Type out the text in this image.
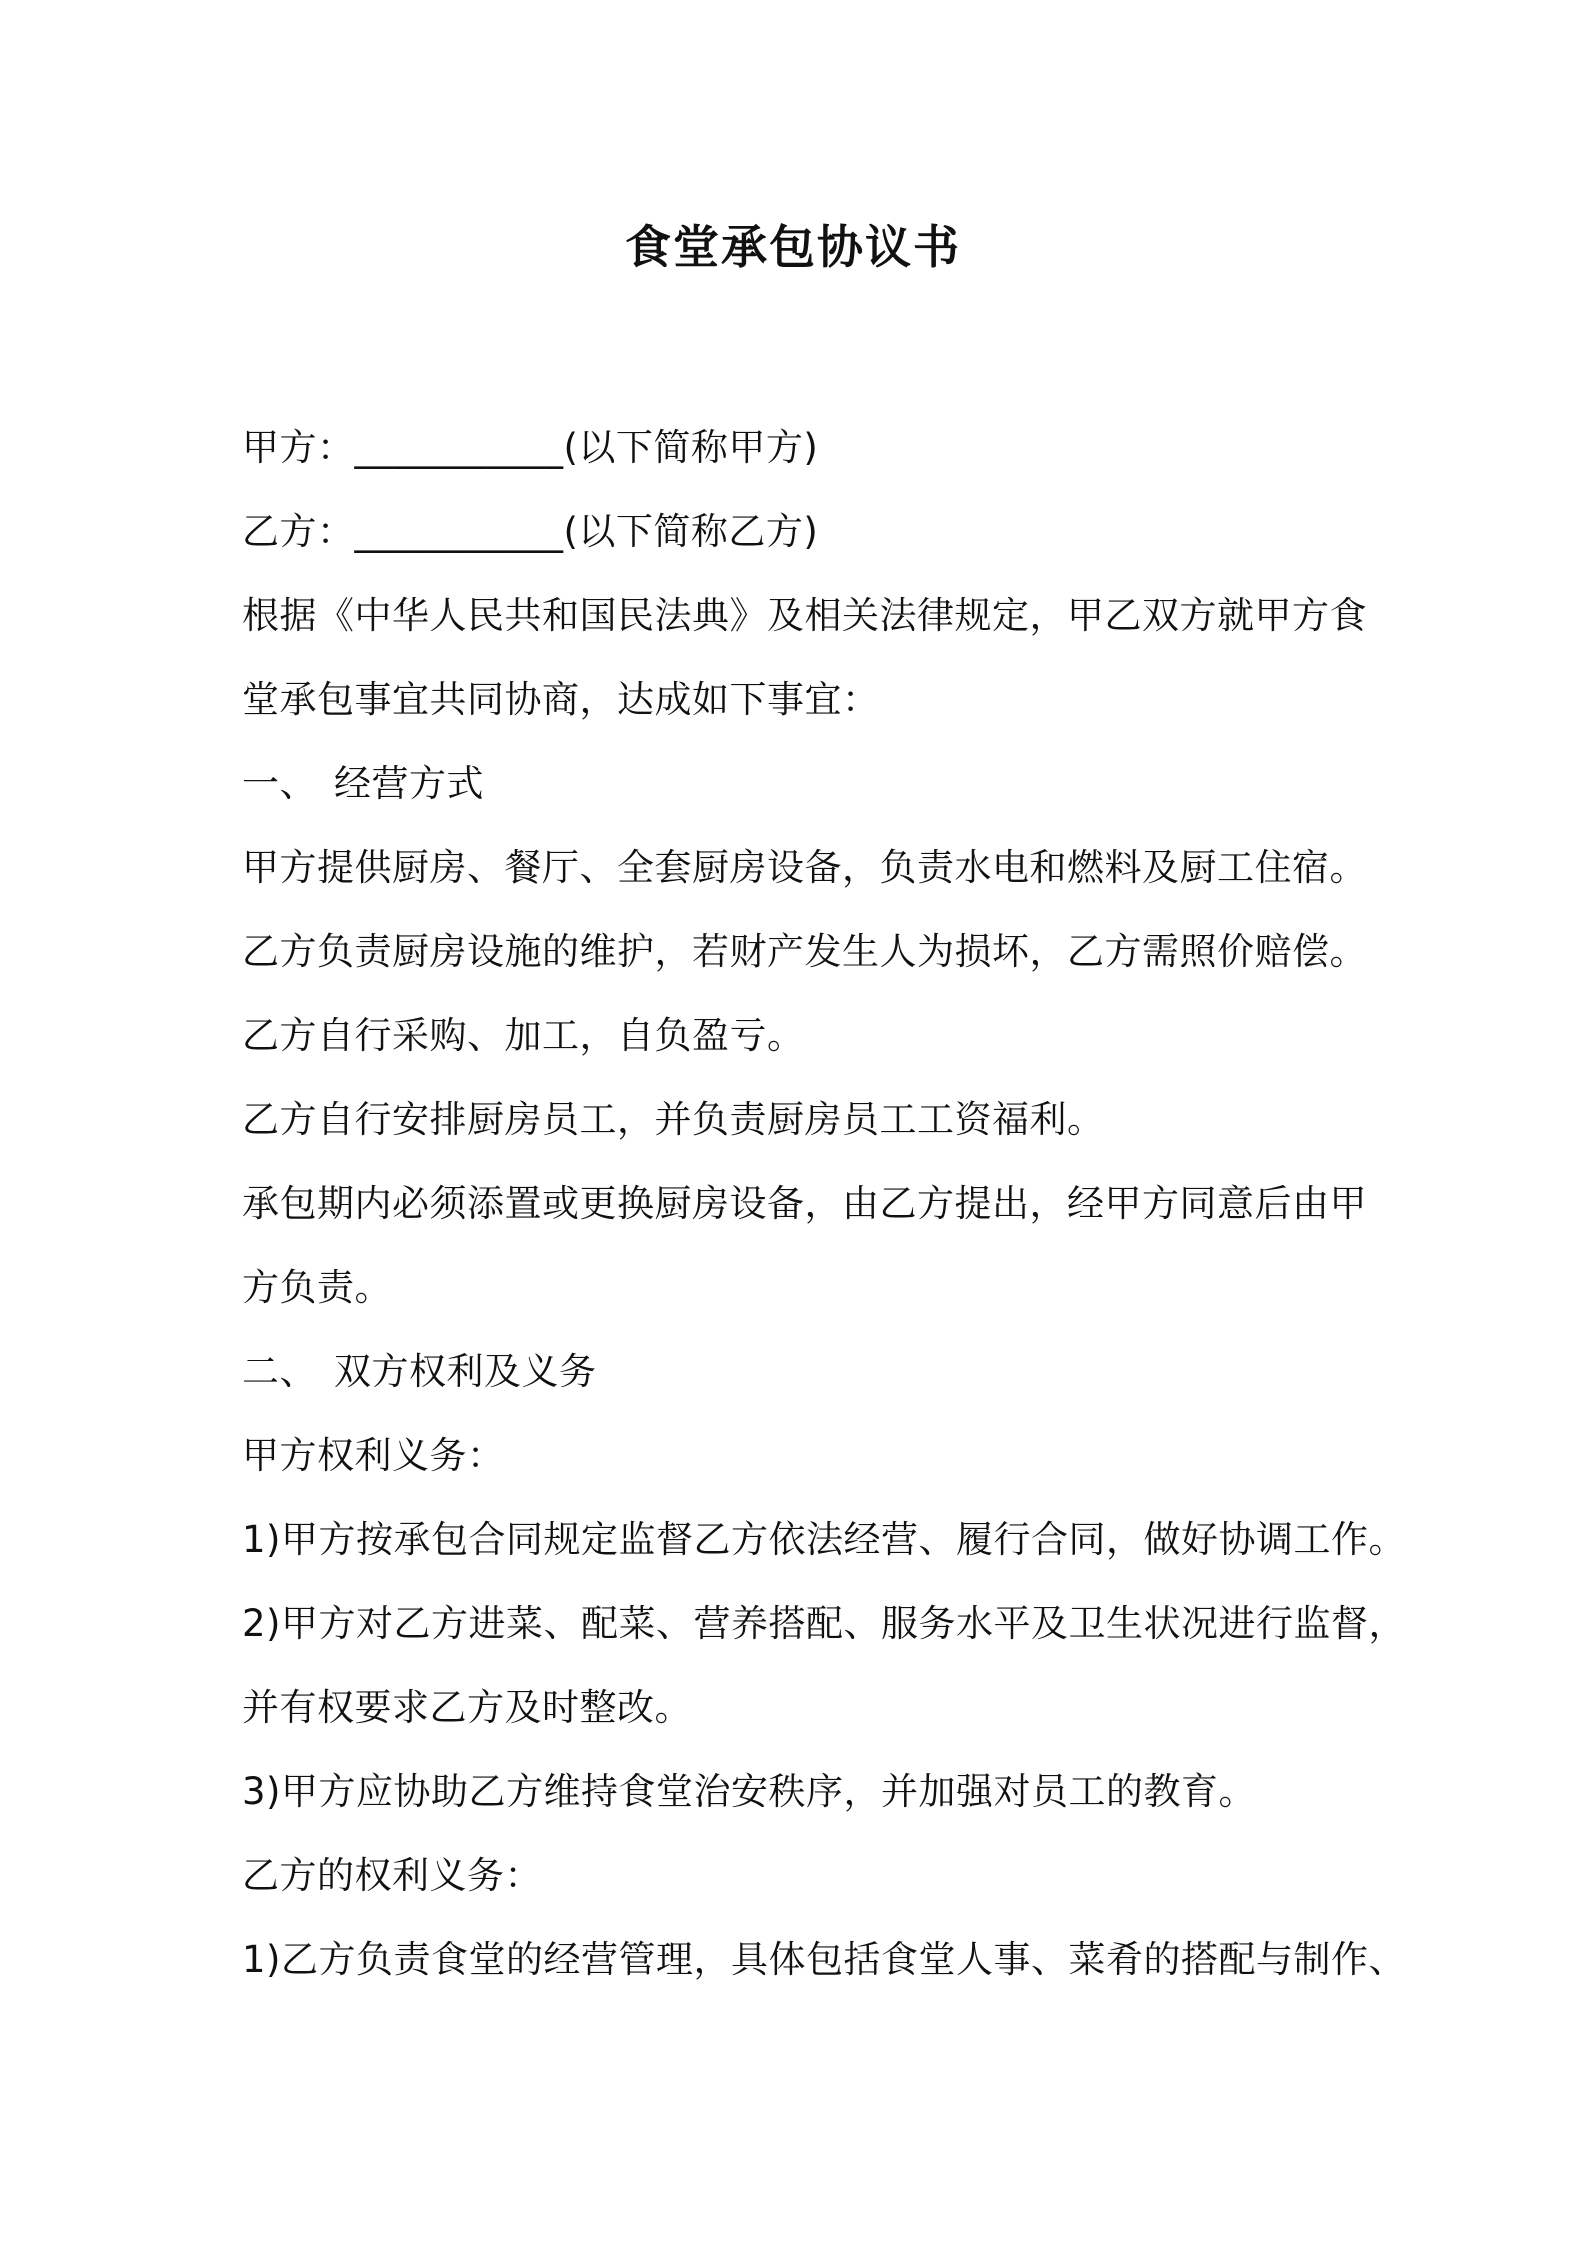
食堂承包协议书
甲方：___________(以下简称甲方)
乙方：___________(以下简称乙方)
根据《中华人民共和国民法典》及相关法律规定，甲乙双方就甲方食
堂承包事宜共同协商，达成如下事宜：
一、 经营方式
甲方提供厨房、餐厅、全套厨房设备，负责水电和燃料及厨工住宿。
乙方负责厨房设施的维护，若财产发生人为损坏，乙方需照价赔偿。
乙方自行采购、加工，自负盈亏。
乙方自行安排厨房员工，并负责厨房员工工资福利。
承包期内必须添置或更换厨房设备，由乙方提出，经甲方同意后由甲
方负责。
二、 双方权利及义务
甲方权利义务：
1)甲方按承包合同规定监督乙方依法经营、履行合同，做好协调工作。
2)甲方对乙方进菜、配菜、营养搭配、服务水平及卫生状况进行监督，
并有权要求乙方及时整改。
3)甲方应协助乙方维持食堂治安秩序，并加强对员工的教育。
乙方的权利义务：
1)乙方负责食堂的经营管理，具体包括食堂人事、菜肴的搭配与制作、
